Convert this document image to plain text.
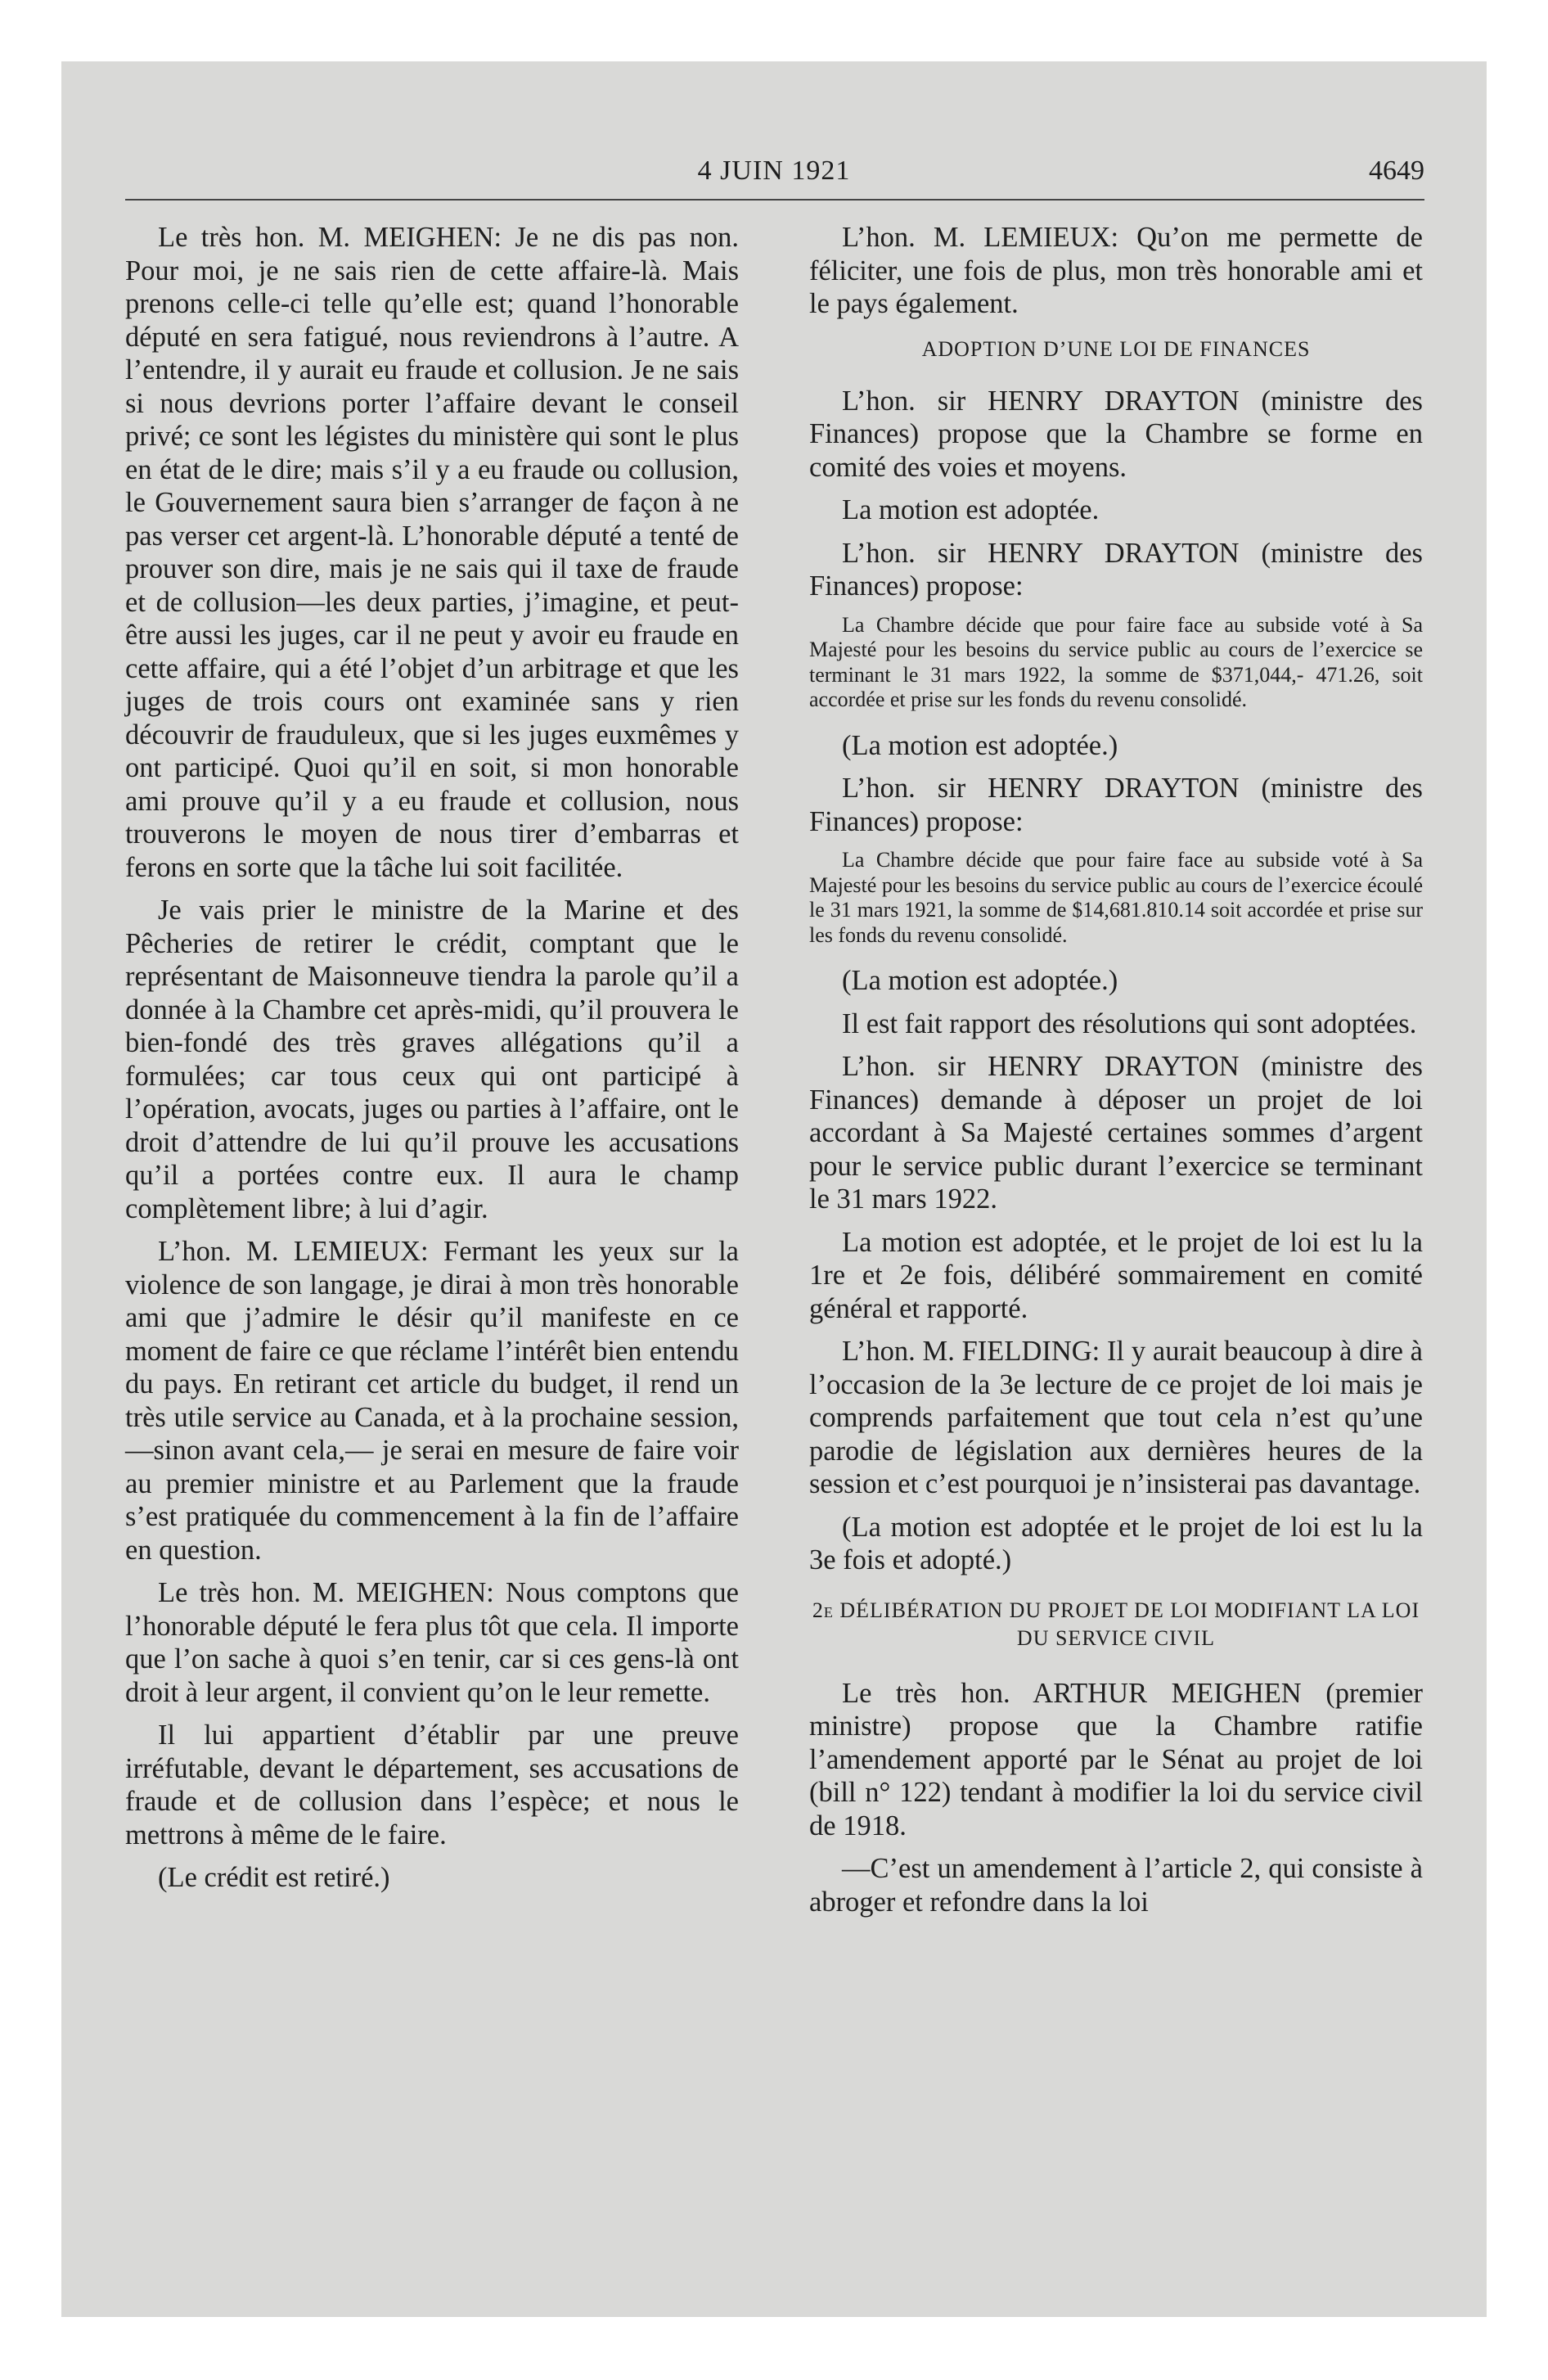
4 JUIN 1921	4649

Le très hon. M. MEIGHEN: Je ne dis pas non. Pour moi, je ne sais rien de cette affaire-là. Mais prenons celle-ci telle qu’elle est; quand l’honorable député en sera fatigué, nous reviendrons à l’autre. A l’entendre, il y aurait eu fraude et collusion. Je ne sais si nous devrions porter l’affaire devant le conseil privé; ce sont les légistes du ministère qui sont le plus en état de le dire; mais s’il y a eu fraude ou collusion, le Gouvernement saura bien s’arranger de façon à ne pas verser cet argent-là. L’honorable député a tenté de prouver son dire, mais je ne sais qui il taxe de fraude et de collusion—les deux parties, j’imagine, et peut-être aussi les juges, car il ne peut y avoir eu fraude en cette affaire, qui a été l’objet d’un arbitrage et que les juges de trois cours ont examinée sans y rien découvrir de frauduleux, que si les juges euxmêmes y ont participé. Quoi qu’il en soit, si mon honorable ami prouve qu’il y a eu fraude et collusion, nous trouverons le moyen de nous tirer d’embarras et ferons en sorte que la tâche lui soit facilitée.

Je vais prier le ministre de la Marine et des Pêcheries de retirer le crédit, comptant que le représentant de Maisonneuve tiendra la parole qu’il a donnée à la Chambre cet après-midi, qu’il prouvera le bien-fondé des très graves allégations qu’il a formulées; car tous ceux qui ont participé à l’opération, avocats, juges ou parties à l’affaire, ont le droit d’attendre de lui qu’il prouve les accusations qu’il a portées contre eux. Il aura le champ complètement libre; à lui d’agir.

L’hon. M. LEMIEUX: Fermant les yeux sur la violence de son langage, je dirai à mon très honorable ami que j’admire le désir qu’il manifeste en ce moment de faire ce que réclame l’intérêt bien entendu du pays. En retirant cet article du budget, il rend un très utile service au Canada, et à la prochaine session,—sinon avant cela,— je serai en mesure de faire voir au premier ministre et au Parlement que la fraude s’est pratiquée du commencement à la fin de l’affaire en question.

Le très hon. M. MEIGHEN: Nous comptons que l’honorable député le fera plus tôt que cela. Il importe que l’on sache à quoi s’en tenir, car si ces gens-là ont droit à leur argent, il convient qu’on le leur remette.

Il lui appartient d’établir par une preuve irréfutable, devant le département, ses accusations de fraude et de collusion dans l’espèce; et nous le mettrons à même de le faire.

(Le crédit est retiré.)

L’hon. M. LEMIEUX: Qu’on me permette de féliciter, une fois de plus, mon très honorable ami et le pays également.

ADOPTION D’UNE LOI DE FINANCES

L’hon. sir HENRY DRAYTON (ministre des Finances) propose que la Chambre se forme en comité des voies et moyens.

La motion est adoptée.

L’hon. sir HENRY DRAYTON (ministre des Finances) propose:

La Chambre décide que pour faire face au subside voté à Sa Majesté pour les besoins du service public au cours de l’exercice se terminant le 31 mars 1922, la somme de $371,044,- 471.26, soit accordée et prise sur les fonds du revenu consolidé.

(La motion est adoptée.)

L’hon. sir HENRY DRAYTON (ministre des Finances) propose:

La Chambre décide que pour faire face au subside voté à Sa Majesté pour les besoins du service public au cours de l’exercice écoulé le 31 mars 1921, la somme de $14,681.810.14 soit accordée et prise sur les fonds du revenu consolidé.

(La motion est adoptée.)

Il est fait rapport des résolutions qui sont adoptées.

L’hon. sir HENRY DRAYTON (ministre des Finances) demande à déposer un projet de loi accordant à Sa Majesté certaines sommes d’argent pour le service public durant l’exercice se terminant le 31 mars 1922.

La motion est adoptée, et le projet de loi est lu la 1re et 2e fois, délibéré sommairement en comité général et rapporté.

L’hon. M. FIELDING: Il y aurait beaucoup à dire à l’occasion de la 3e lecture de ce projet de loi mais je comprends parfaitement que tout cela n’est qu’une parodie de législation aux dernières heures de la session et c’est pourquoi je n’insisterai pas davantage.

(La motion est adoptée et le projet de loi est lu la 3e fois et adopté.)

2e DÉLIBÉRATION DU PROJET DE LOI MODIFIANT LA LOI DU SERVICE CIVIL

Le très hon. ARTHUR MEIGHEN (premier ministre) propose que la Chambre ratifie l’amendement apporté par le Sénat au projet de loi (bill n° 122) tendant à modifier la loi du service civil de 1918.

—C’est un amendement à l’article 2, qui consiste à abroger et refondre dans la loi
